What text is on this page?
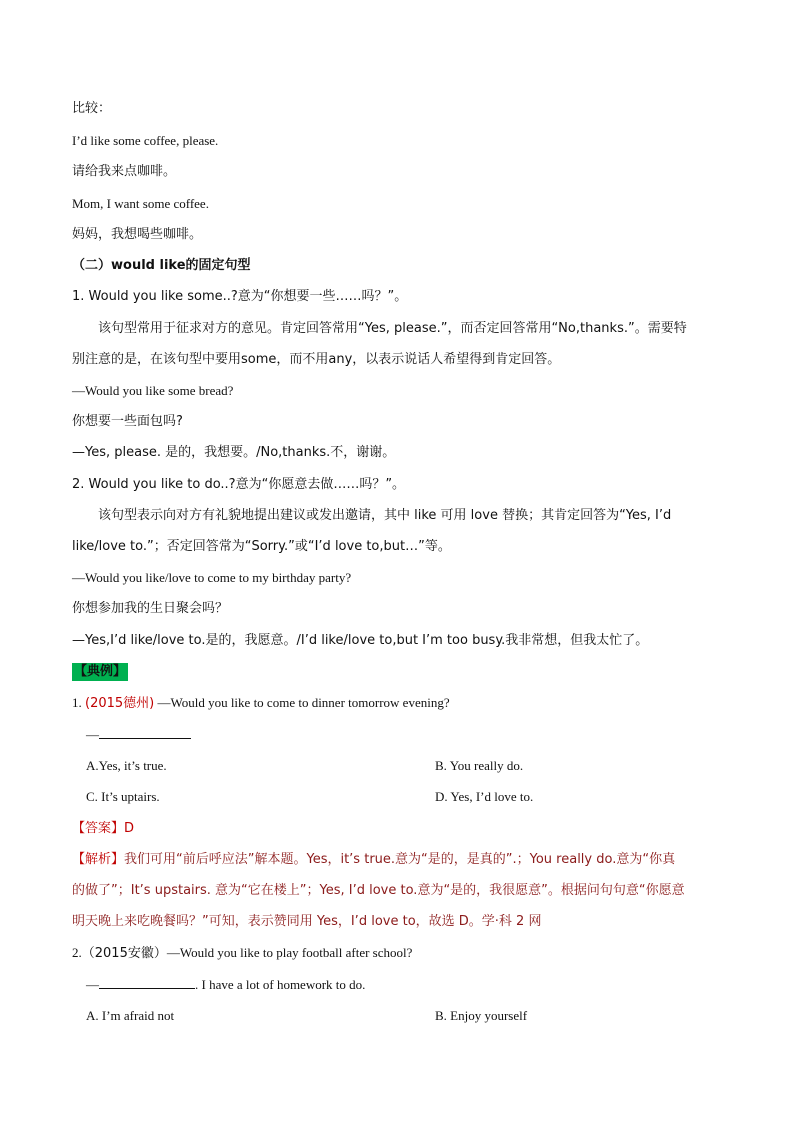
比较：
I’d like some coffee, please.
请给我来点咖啡。
Mom, I want some coffee.
妈妈，我想喝些咖啡。
（二）would like的固定句型
1. Would you like some..?意为“你想要一些……吗？”。
该句型常用于征求对方的意见。肯定回答常用“Yes, please.”，而否定回答常用“No,thanks.”。需要特
别注意的是，在该句型中要用some，而不用any，以表示说话人希望得到肯定回答。
—Would you like some bread?
你想要一些面包吗?
—Yes, please. 是的，我想要。/No,thanks.不，谢谢。
2. Would you like to do..?意为“你愿意去做……吗？”。
该句型表示向对方有礼貌地提出建议或发出邀请，其中 like 可用 love 替换；其肯定回答为“Yes, I’d
like/love to.”；否定回答常为“Sorry.”或“I’d love to,but…”等。
—Would you like/love to come to my birthday party?
你想参加我的生日聚会吗？
—Yes,I’d like/love to.是的，我愿意。/I’d like/love to,but I’m too busy.我非常想，但我太忙了。
【典例】
1. (2015德州) —Would you like to come to dinner tomorrow evening?
—
A.Yes, it’s true.	B. You really do.
C. It’s uptairs.	D. Yes, I’d love to.
【答案】D
【解析】我们可用“前后呼应法”解本题。Yes，it’s true.意为“是的，是真的”.；You really do.意为“你真
的做了”；It’s upstairs. 意为“它在楼上”；Yes, I’d love to.意为“是的，我很愿意”。根据问句句意“你愿意
明天晚上来吃晚餐吗？”可知，表示赞同用 Yes，I’d love to，故选 D。学·科 2 网
2.（2015安徽）—Would you like to play football after school?
—	. I have a lot of homework to do.
A. I’m afraid not	B. Enjoy yourself
